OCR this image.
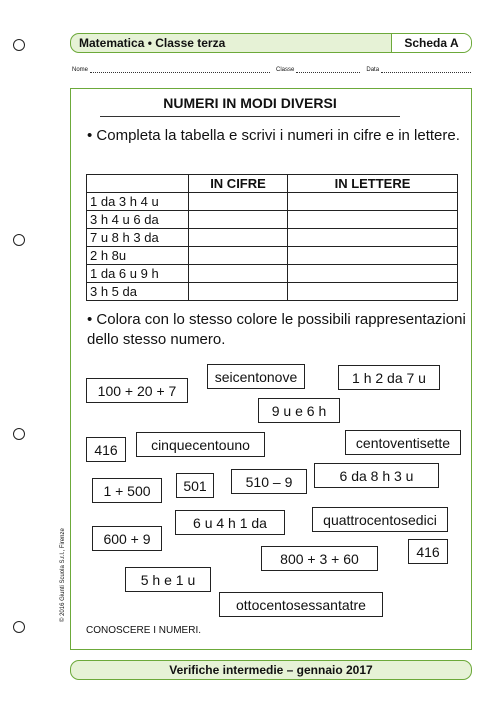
Matematica • Classe terza	Scheda A
Nome	Classe	Data
NUMERI IN MODI DIVERSI
• Completa la tabella e scrivi i numeri in cifre e in lettere.
	IN CIFRE	IN LETTERE
1 da 3 h 4 u		
3 h 4 u 6 da		
7 u 8 h 3 da		
2 h 8u		
1 da 6 u 9 h		
3 h 5 da		
• Colora con lo stesso colore le possibili rappresentazioni dello stesso numero.
100 + 20 + 7
seicentonove	1 h 2 da 7 u
9 u e 6 h
416	cinquecentouno	centoventisette
510 – 9	6 da 8 h 3 u
1 + 500	501
quattrocentosedici
6 u 4 h 1 da
600 + 9
416
800 + 3 + 60
5 h e 1 u
ottocentosessantatre
CONOSCERE I NUMERI.
© 2016 Giunti Scuola S.r.l., Firenze
Verifiche intermedie – gennaio 2017
